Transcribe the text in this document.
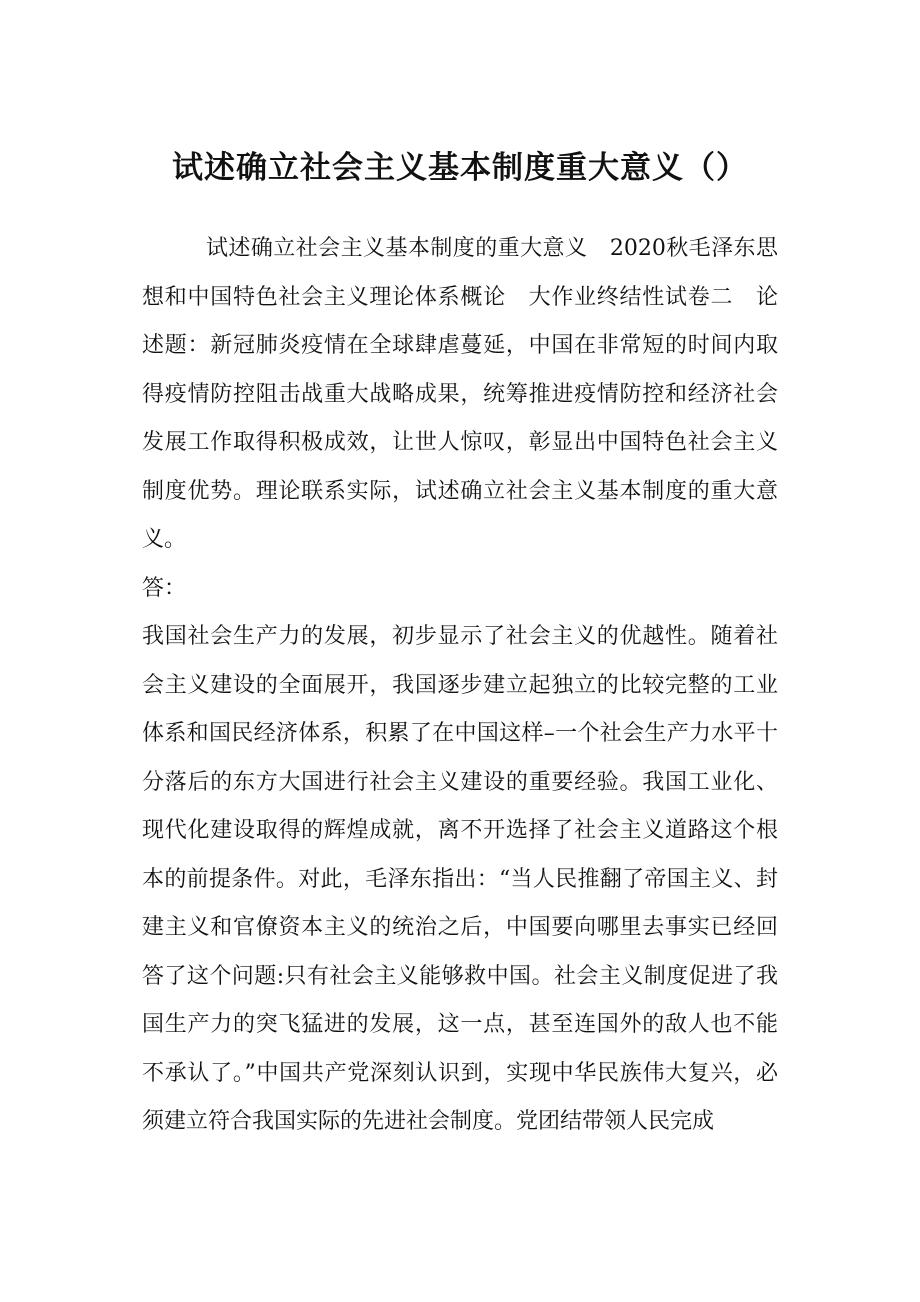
试述确立社会主义基本制度重大意义（）

试述确立社会主义基本制度的重大意义　2020秋毛泽东思想和中国特色社会主义理论体系概论　大作业终结性试卷二　论述题：新冠肺炎疫情在全球肆虐蔓延，中国在非常短的时间内取得疫情防控阻击战重大战略成果，统筹推进疫情防控和经济社会发展工作取得积极成效，让世人惊叹，彰显出中国特色社会主义制度优势。理论联系实际，试述确立社会主义基本制度的重大意义。

答：

我国社会生产力的发展，初步显示了社会主义的优越性。随着社会主义建设的全面展开，我国逐步建立起独立的比较完整的工业体系和国民经济体系，积累了在中国这样–一个社会生产力水平十分落后的东方大国进行社会主义建设的重要经验。我国工业化、现代化建设取得的辉煌成就，离不开选择了社会主义道路这个根本的前提条件。对此，毛泽东指出：“当人民推翻了帝国主义、封建主义和官僚资本主义的统治之后，中国要向哪里去事实已经回答了这个问题:只有社会主义能够救中国。社会主义制度促进了我国生产力的突飞猛进的发展，这一点，甚至连国外的敌人也不能不承认了。”中国共产党深刻认识到，实现中华民族伟大复兴，必须建立符合我国实际的先进社会制度。党团结带领人民完成
